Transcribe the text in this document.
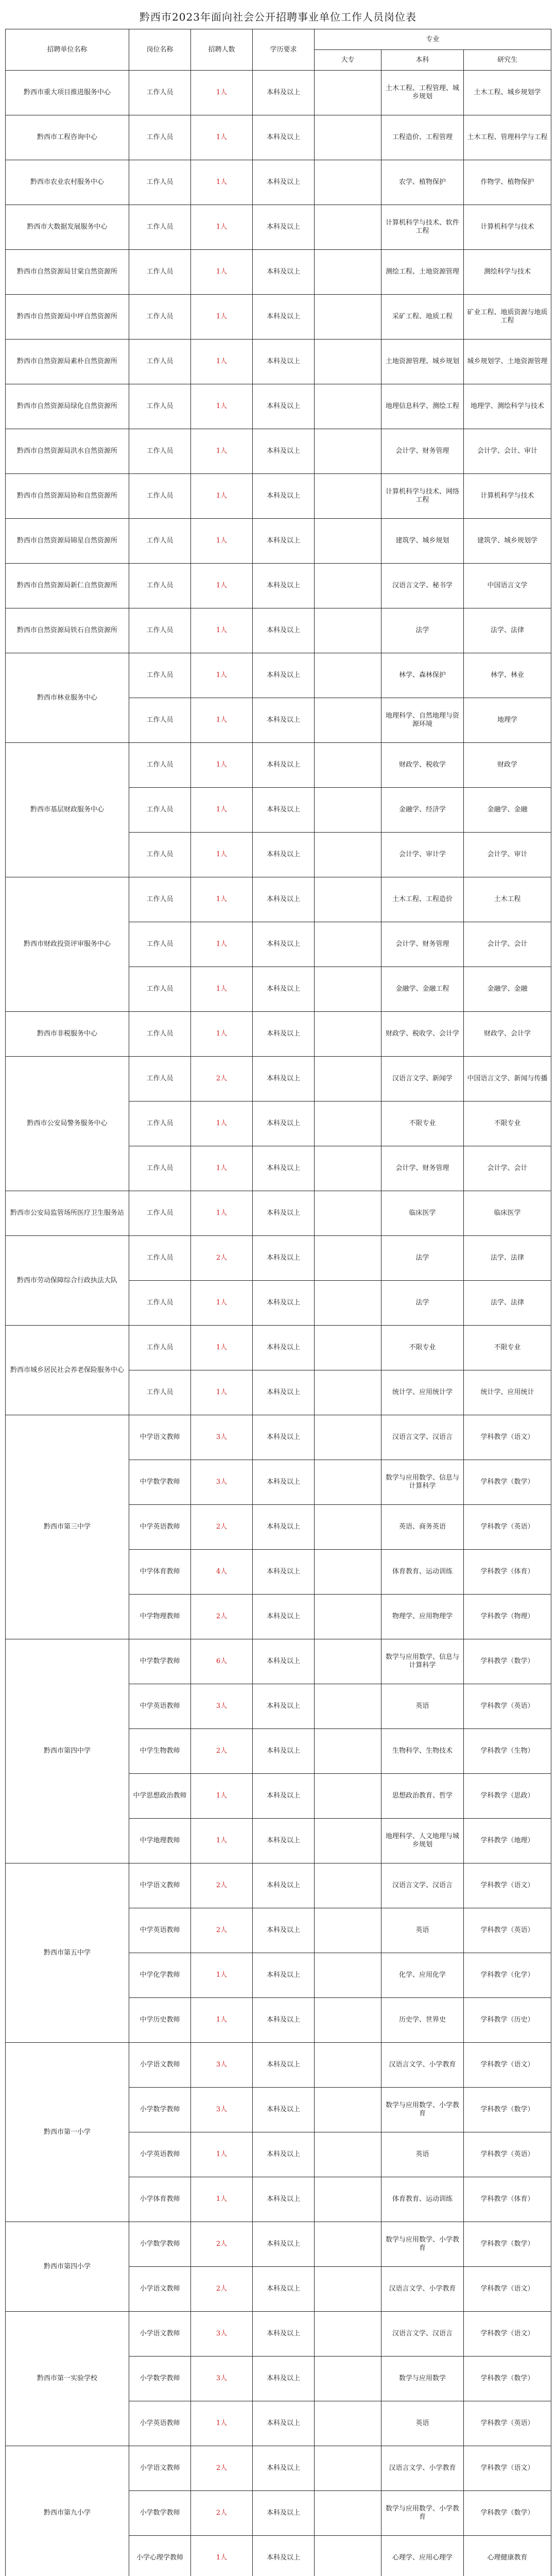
黔西市2023年面向社会公开招聘事业单位工作人员岗位表
招聘单位名称	岗位名称	招聘人数	学历要求	专业		
				大专	本科	研究生
黔西市重大项目推进服务中心	工作人员	1人	本科及以上		土木工程、工程管理、城乡规划	土木工程、城乡规划学
黔西市工程咨询中心	工作人员	1人	本科及以上		工程造价、工程管理	土木工程、管理科学与工程
黔西市农业农村服务中心	工作人员	1人	本科及以上		农学、植物保护	作物学、植物保护
黔西市大数据发展服务中心	工作人员	1人	本科及以上		计算机科学与技术、软件工程	计算机科学与技术
黔西市自然资源局甘棠自然资源所	工作人员	1人	本科及以上		测绘工程、土地资源管理	测绘科学与技术
黔西市自然资源局中坪自然资源所	工作人员	1人	本科及以上		采矿工程、地质工程	矿业工程、地质资源与地质工程
黔西市自然资源局素朴自然资源所	工作人员	1人	本科及以上		土地资源管理、城乡规划	城乡规划学、土地资源管理
黔西市自然资源局绿化自然资源所	工作人员	1人	本科及以上		地理信息科学、测绘工程	地理学、测绘科学与技术
黔西市自然资源局洪水自然资源所	工作人员	1人	本科及以上		会计学、财务管理	会计学、会计、审计
黔西市自然资源局协和自然资源所	工作人员	1人	本科及以上		计算机科学与技术、网络工程	计算机科学与技术
黔西市自然资源局锦星自然资源所	工作人员	1人	本科及以上		建筑学、城乡规划	建筑学、城乡规划学
黔西市自然资源局新仁自然资源所	工作人员	1人	本科及以上		汉语言文学、秘书学	中国语言文学
黔西市自然资源局铁石自然资源所	工作人员	1人	本科及以上		法学	法学、法律
黔西市林业服务中心	工作人员	1人	本科及以上		林学、森林保护	林学、林业
	工作人员	1人	本科及以上		地理科学、自然地理与资源环境	地理学
黔西市基层财政服务中心	工作人员	1人	本科及以上		财政学、税收学	财政学
	工作人员	1人	本科及以上		金融学、经济学	金融学、金融
	工作人员	1人	本科及以上		会计学、审计学	会计学、审计
黔西市财政投资评审服务中心	工作人员	1人	本科及以上		土木工程、工程造价	土木工程
	工作人员	1人	本科及以上		会计学、财务管理	会计学、会计
	工作人员	1人	本科及以上		金融学、金融工程	金融学、金融
黔西市非税服务中心	工作人员	1人	本科及以上		财政学、税收学、会计学	财政学、会计学
黔西市公安局警务服务中心	工作人员	2人	本科及以上		汉语言文学、新闻学	中国语言文学、新闻与传播
	工作人员	1人	本科及以上		不限专业	不限专业
	工作人员	1人	本科及以上		会计学、财务管理	会计学、会计
黔西市公安局监管场所医疗卫生服务站	工作人员	1人	本科及以上		临床医学	临床医学
黔西市劳动保障综合行政执法大队	工作人员	2人	本科及以上		法学	法学、法律
	工作人员	1人	本科及以上		法学	法学、法律
黔西市城乡居民社会养老保险服务中心	工作人员	1人	本科及以上		不限专业	不限专业
	工作人员	1人	本科及以上		统计学、应用统计学	统计学、应用统计
黔西市第三中学	中学语文教师	3人	本科及以上		汉语言文学、汉语言	学科教学（语文）
	中学数学教师	3人	本科及以上		数学与应用数学、信息与计算科学	学科教学（数学）
	中学英语教师	2人	本科及以上		英语、商务英语	学科教学（英语）
	中学体育教师	4人	本科及以上		体育教育、运动训练	学科教学（体育）
	中学物理教师	2人	本科及以上		物理学、应用物理学	学科教学（物理）
黔西市第四中学	中学数学教师	6人	本科及以上		数学与应用数学、信息与计算科学	学科教学（数学）
	中学英语教师	3人	本科及以上		英语	学科教学（英语）
	中学生物教师	2人	本科及以上		生物科学、生物技术	学科教学（生物）
	中学思想政治教师	1人	本科及以上		思想政治教育、哲学	学科教学（思政）
	中学地理教师	1人	本科及以上		地理科学、人文地理与城乡规划	学科教学（地理）
黔西市第五中学	中学语文教师	2人	本科及以上		汉语言文学、汉语言	学科教学（语文）
	中学英语教师	2人	本科及以上		英语	学科教学（英语）
	中学化学教师	1人	本科及以上		化学、应用化学	学科教学（化学）
	中学历史教师	1人	本科及以上		历史学、世界史	学科教学（历史）
黔西市第一小学	小学语文教师	3人	本科及以上		汉语言文学、小学教育	学科教学（语文）
	小学数学教师	3人	本科及以上		数学与应用数学、小学教育	学科教学（数学）
	小学英语教师	1人	本科及以上		英语	学科教学（英语）
	小学体育教师	1人	本科及以上		体育教育、运动训练	学科教学（体育）
黔西市第四小学	小学数学教师	2人	本科及以上		数学与应用数学、小学教育	学科教学（数学）
	小学语文教师	2人	本科及以上		汉语言文学、小学教育	学科教学（语文）
黔西市第一实验学校	小学语文教师	3人	本科及以上		汉语言文学、汉语言	学科教学（语文）
	小学数学教师	3人	本科及以上		数学与应用数学	学科教学（数学）
	小学英语教师	1人	本科及以上		英语	学科教学（英语）
黔西市第九小学	小学语文教师	2人	本科及以上		汉语言文学、小学教育	学科教学（语文）
	小学数学教师	2人	本科及以上		数学与应用数学、小学教育	学科教学（数学）
	小学心理学教师	1人	本科及以上		心理学、应用心理学	心理健康教育
